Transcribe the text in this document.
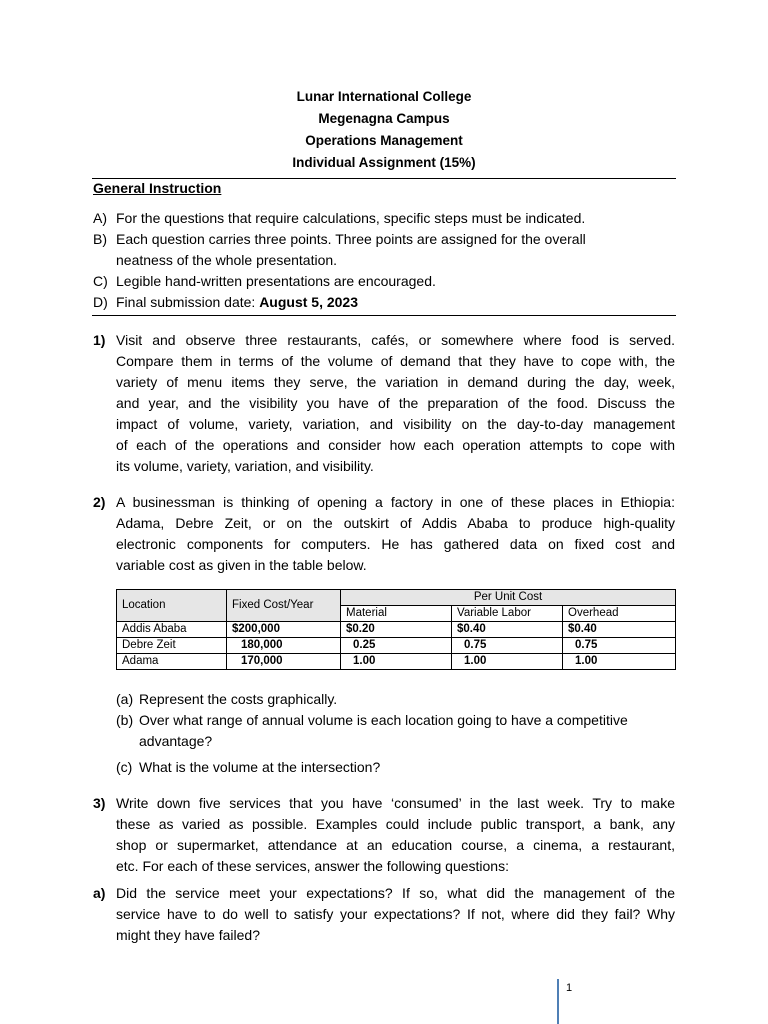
Lunar International College
Megenagna Campus
Operations Management
Individual Assignment (15%)
General Instruction
A) For the questions that require calculations, specific steps must be indicated.
B) Each question carries three points. Three points are assigned for the overall
neatness of the whole presentation.
C) Legible hand-written presentations are encouraged.
D) Final submission date: August 5, 2023
1) Visit and observe three restaurants, cafés, or somewhere where food is served.
Compare them in terms of the volume of demand that they have to cope with, the
variety of menu items they serve, the variation in demand during the day, week,
and year, and the visibility you have of the preparation of the food. Discuss the
impact of volume, variety, variation, and visibility on the day-to-day management
of each of the operations and consider how each operation attempts to cope with
its volume, variety, variation, and visibility.
2) A businessman is thinking of opening a factory in one of these places in Ethiopia:
Adama, Debre Zeit, or on the outskirt of Addis Ababa to produce high-quality
electronic components for computers. He has gathered data on fixed cost and
variable cost as given in the table below.
Location	Fixed Cost/Year	Per Unit Cost		
		Material	Variable Labor	Overhead
Addis Ababa	$200,000	$0.20	$0.40	$0.40
Debre Zeit	180,000	0.25	0.75	0.75
Adama	170,000	1.00	1.00	1.00
(a) Represent the costs graphically.
(b) Over what range of annual volume is each location going to have a competitive
advantage?
(c) What is the volume at the intersection?
3) Write down five services that you have ‘consumed’ in the last week. Try to make
these as varied as possible. Examples could include public transport, a bank, any
shop or supermarket, attendance at an education course, a cinema, a restaurant,
etc. For each of these services, answer the following questions:
a) Did the service meet your expectations? If so, what did the management of the
service have to do well to satisfy your expectations? If not, where did they fail? Why
might they have failed?
1
